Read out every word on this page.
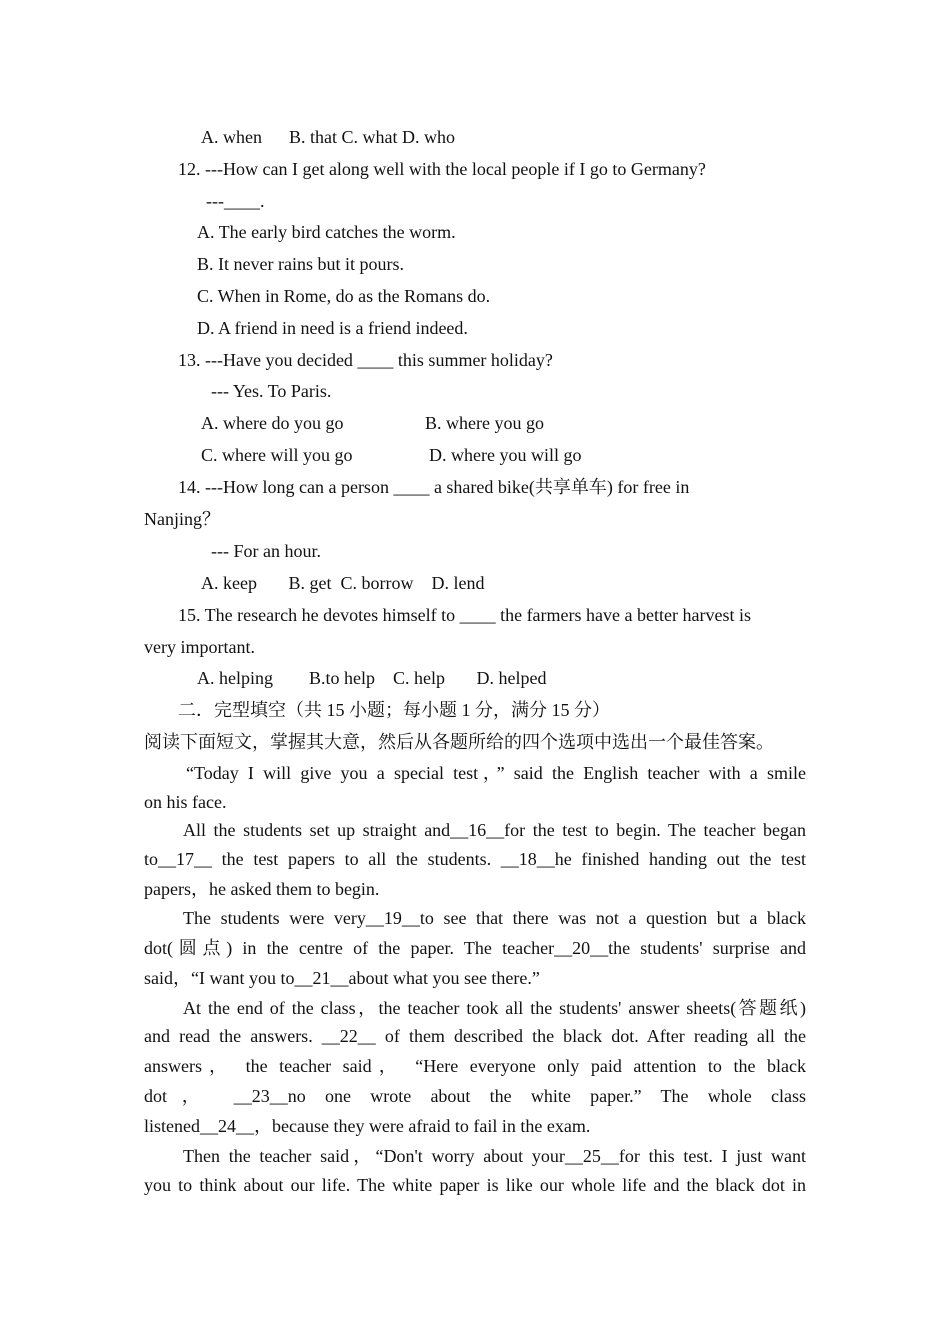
A. when      B. that C. what D. who
12. ---How can I get along well with the local people if I go to Germany?
---____.
A. The early bird catches the worm.
B. It never rains but it pours.
C. When in Rome, do as the Romans do.
D. A friend in need is a friend indeed.
13. ---Have you decided ____ this summer holiday?
--- Yes. To Paris.
A. where do you go	B. where you go
C. where will you go	D. where you will go
14. ---How long can a person ____ a shared bike(共享单车) for free in
Nanjing？
--- For an hour.
A. keep       B. get  C. borrow    D. lend
15. The research he devotes himself to ____ the farmers have a better harvest is
very important.
A. helping        B.to help    C. help       D. helped
二．完型填空（共 15 小题；每小题 1 分，满分 15 分）
阅读下面短文，掌握其大意，然后从各题所给的四个选项中选出一个最佳答案。
“Today I will give you a special test，” said the English teacher with a smile
on his face.
All the students set up straight and__16__for the test to begin. The teacher began
to__17__ the test papers to all the students. __18__he finished handing out the test
papers，he asked them to begin.
The students were very__19__to see that there was not a question but a black
dot(圆点) in the centre of the paper. The teacher__20__the students' surprise and
said，“I want you to__21__about what you see there.”
At the end of the class，the teacher took all the students' answer sheets(答题纸)
and read the answers. __22__ of them described the black dot. After reading all the
answers， the teacher said， “Here everyone only paid attention to the black
dot， __23__no one wrote about the white paper.” The whole class
listened__24__，because they were afraid to fail in the exam.
Then the teacher said，“Don't worry about your__25__for this test. I just want
you to think about our life. The white paper is like our whole life and the black dot in
